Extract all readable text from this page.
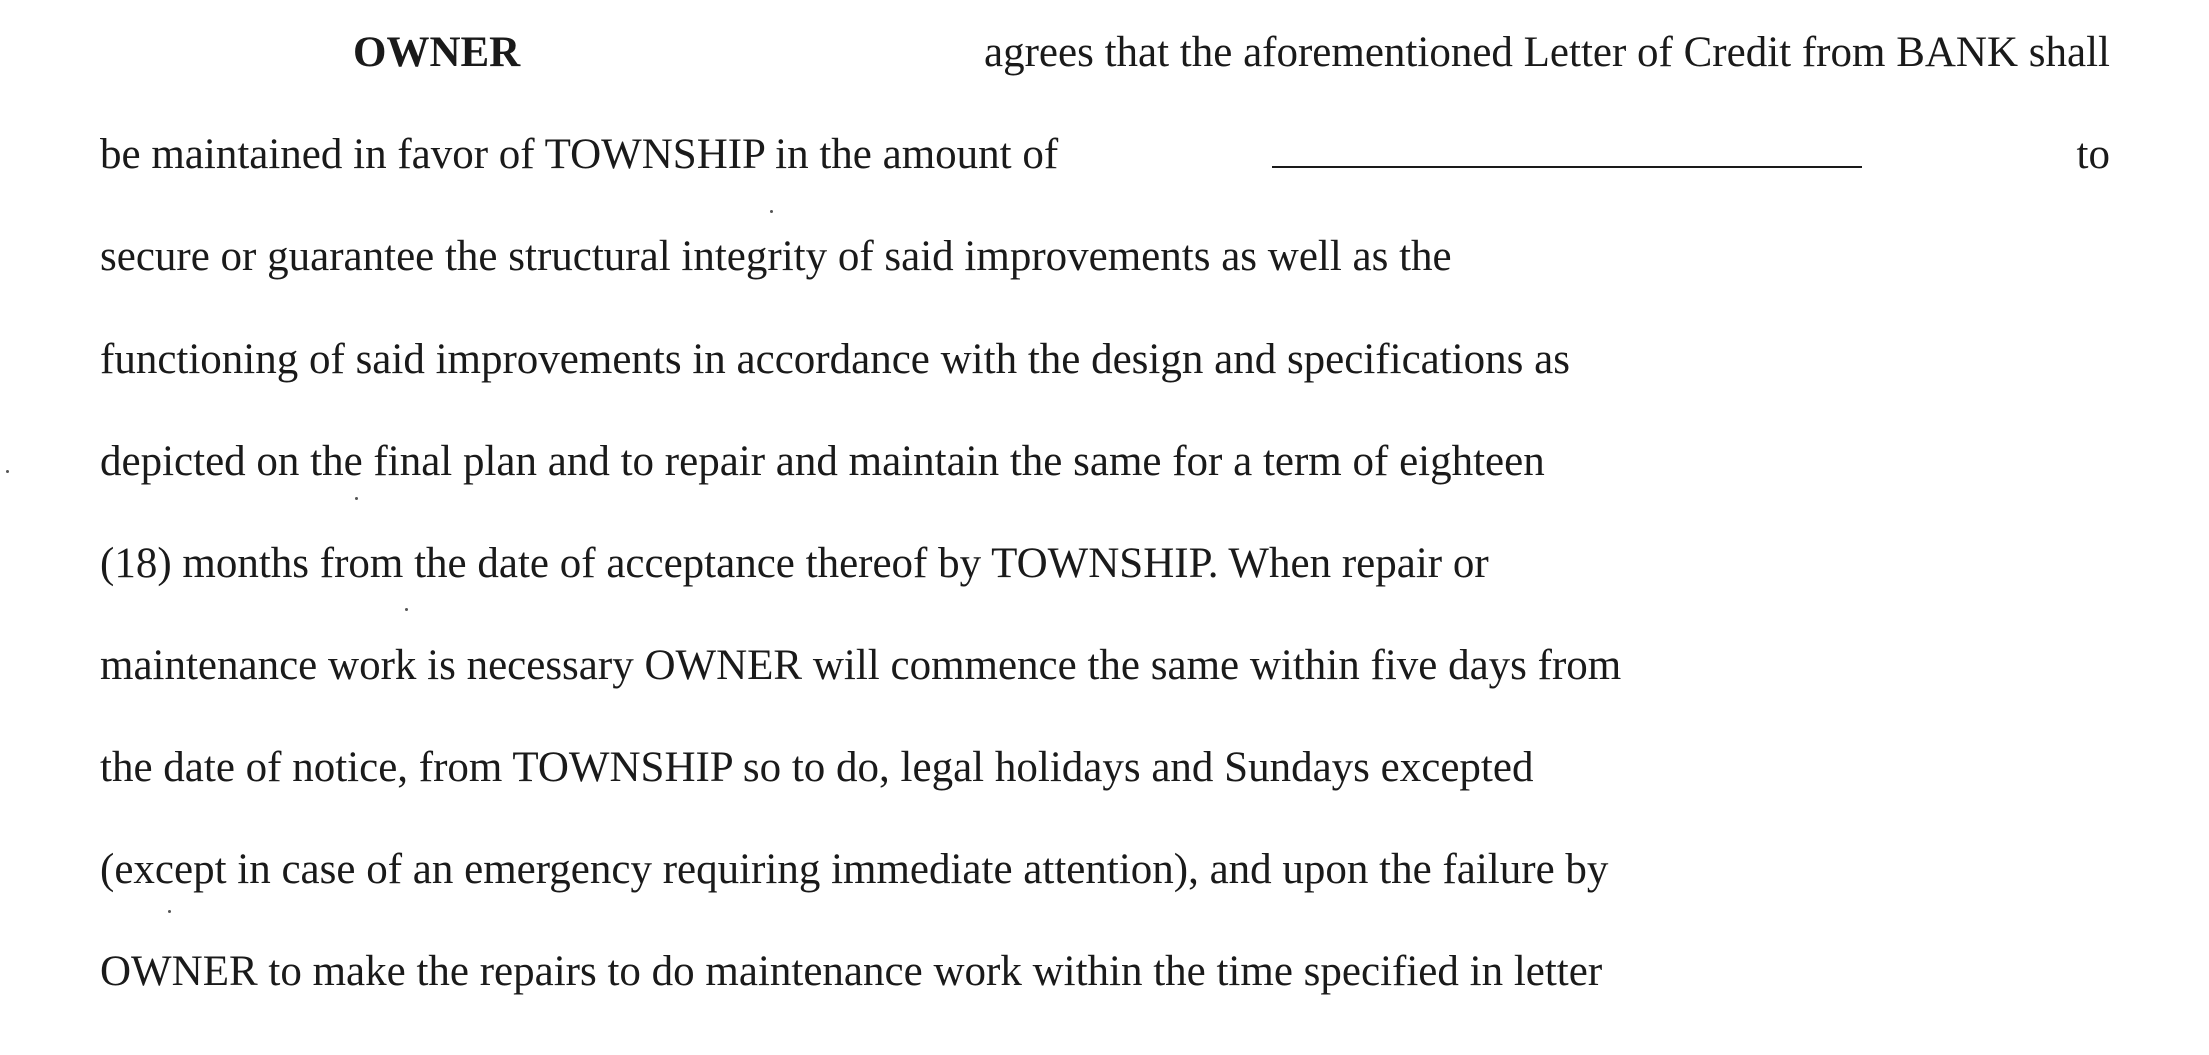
OWNER	agrees that the aforementioned Letter of Credit from BANK shall
be maintained in favor of TOWNSHIP in the amount of	to
secure or guarantee the structural integrity of said improvements as well as the
functioning of said improvements in accordance with the design and specifications as
depicted on the final plan and to repair and maintain the same for a term of eighteen
(18) months from the date of acceptance thereof by TOWNSHIP. When repair or
maintenance work is necessary OWNER will commence the same within five days from
the date of notice, from TOWNSHIP so to do, legal holidays and Sundays excepted
(except in case of an emergency requiring immediate attention), and upon the failure by
OWNER to make the repairs to do maintenance work within the time specified in letter
